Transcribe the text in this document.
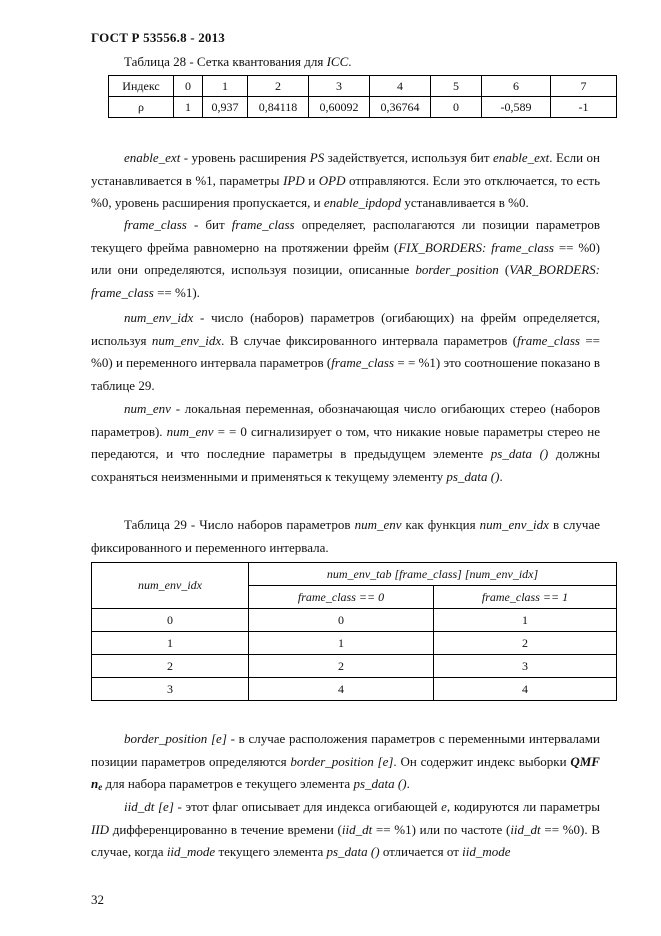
ГОСТ Р 53556.8 - 2013
Таблица 28 - Сетка квантования для ICC.
Индекс	0	1	2	3	4	5	6	7
ρ	1	0,937	0,84118	0,60092	0,36764	0	-0,589	-1

enable_ext - уровень расширения PS задействуется, используя бит enable_ext. Если он устанавливается в %1, параметры IPD и OPD отправляются. Если это отключается, то есть %0, уровень расширения пропускается, и enable_ipdopd устанавливается в %0.

frame_class - бит frame_class определяет, располагаются ли позиции параметров текущего фрейма равномерно на протяжении фрейм (FIX_BORDERS: frame_class == %0) или они определяются, используя позиции, описанные border_position (VAR_BORDERS: frame_class == %1).

num_env_idx - число (наборов) параметров (огибающих) на фрейм определяется, используя num_env_idx. В случае фиксированного интервала параметров (frame_class == %0) и переменного интервала параметров (frame_class = = %1) это соотношение показано в таблице 29.

num_env - локальная переменная, обозначающая число огибающих стерео (наборов параметров). num_env = = 0 сигнализирует о том, что никакие новые параметры стерео не передаются, и что последние параметры в предыдущем элементе ps_data () должны сохраняться неизменными и применяться к текущему элементу ps_data ().

Таблица 29 - Число наборов параметров num_env как функция num_env_idx в случае фиксированного и переменного интервала.

num_env_idx	num_env_tab [frame_class] [num_env_idx]	
	frame_class == 0	frame_class == 1
0	0	1
1	1	2
2	2	3
3	4	4

border_position [e] - в случае расположения параметров с переменными интервалами позиции параметров определяются border_position [e]. Он содержит индекс выборки QMF $n_e$ для набора параметров е текущего элемента ps_data ().

iid_dt [e] - этот флаг описывает для индекса огибающей e, кодируются ли параметры IID дифференцированно в течение времени (iid_dt == %1) или по частоте (iid_dt == %0). В случае, когда iid_mode текущего элемента ps_data () отличается от iid_mode

32
